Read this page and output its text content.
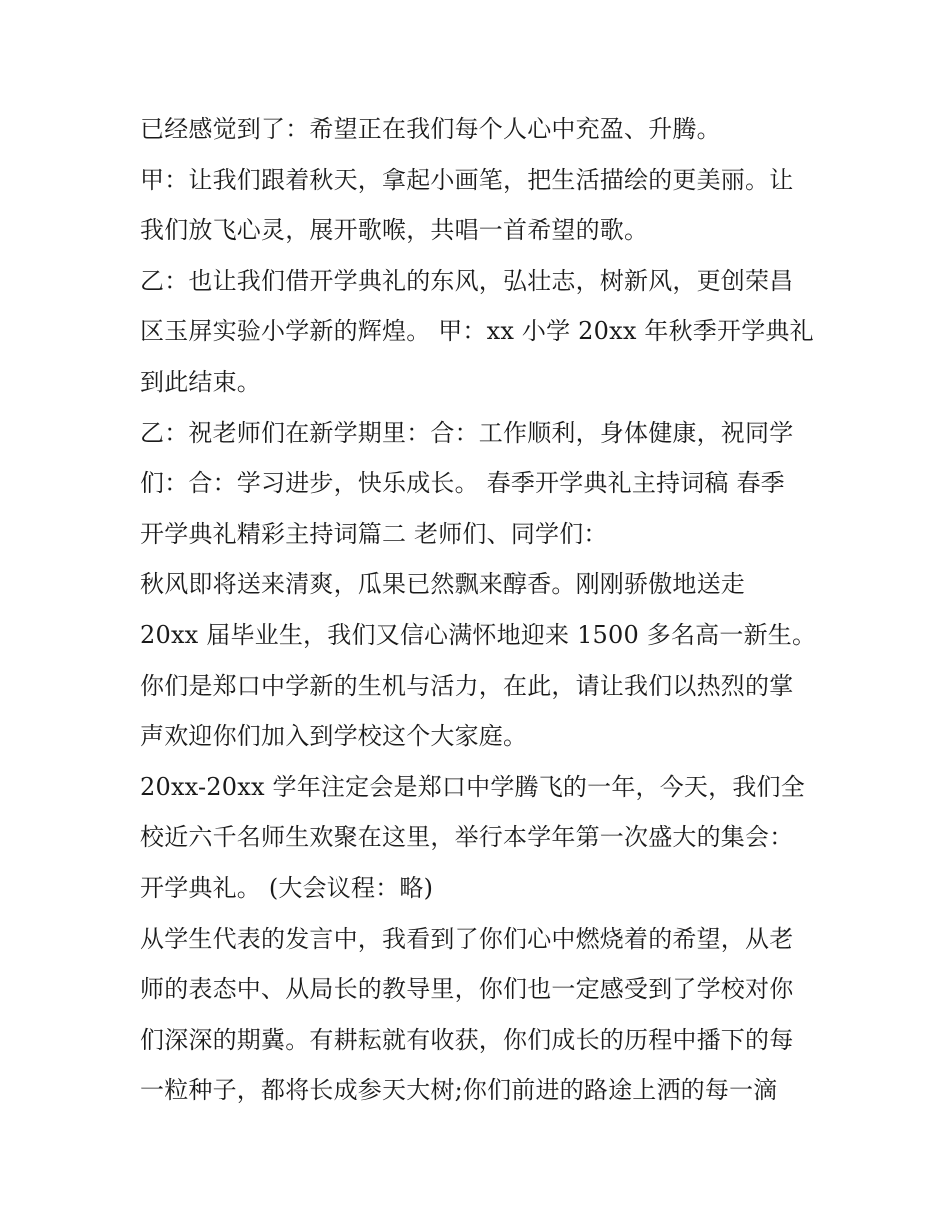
已经感觉到了：希望正在我们每个人心中充盈、升腾。
甲：让我们跟着秋天，拿起小画笔，把生活描绘的更美丽。让
我们放飞心灵，展开歌喉，共唱一首希望的歌。
乙：也让我们借开学典礼的东风，弘壮志，树新风，更创荣昌
区玉屏实验小学新的辉煌。 甲：xx 小学 20xx 年秋季开学典礼
到此结束。
乙：祝老师们在新学期里：合：工作顺利，身体健康，祝同学
们：合：学习进步，快乐成长。 春季开学典礼主持词稿 春季
开学典礼精彩主持词篇二 老师们、同学们：
秋风即将送来清爽，瓜果已然飘来醇香。刚刚骄傲地送走
20xx 届毕业生，我们又信心满怀地迎来 1500 多名高一新生。
你们是郑口中学新的生机与活力，在此，请让我们以热烈的掌
声欢迎你们加入到学校这个大家庭。
20xx-20xx 学年注定会是郑口中学腾飞的一年，今天，我们全
校近六千名师生欢聚在这里，举行本学年第一次盛大的集会：
开学典礼。 (大会议程：略)
从学生代表的发言中，我看到了你们心中燃烧着的希望，从老
师的表态中、从局长的教导里，你们也一定感受到了学校对你
们深深的期冀。有耕耘就有收获，你们成长的历程中播下的每
一粒种子，都将长成参天大树;你们前进的路途上洒的每一滴
